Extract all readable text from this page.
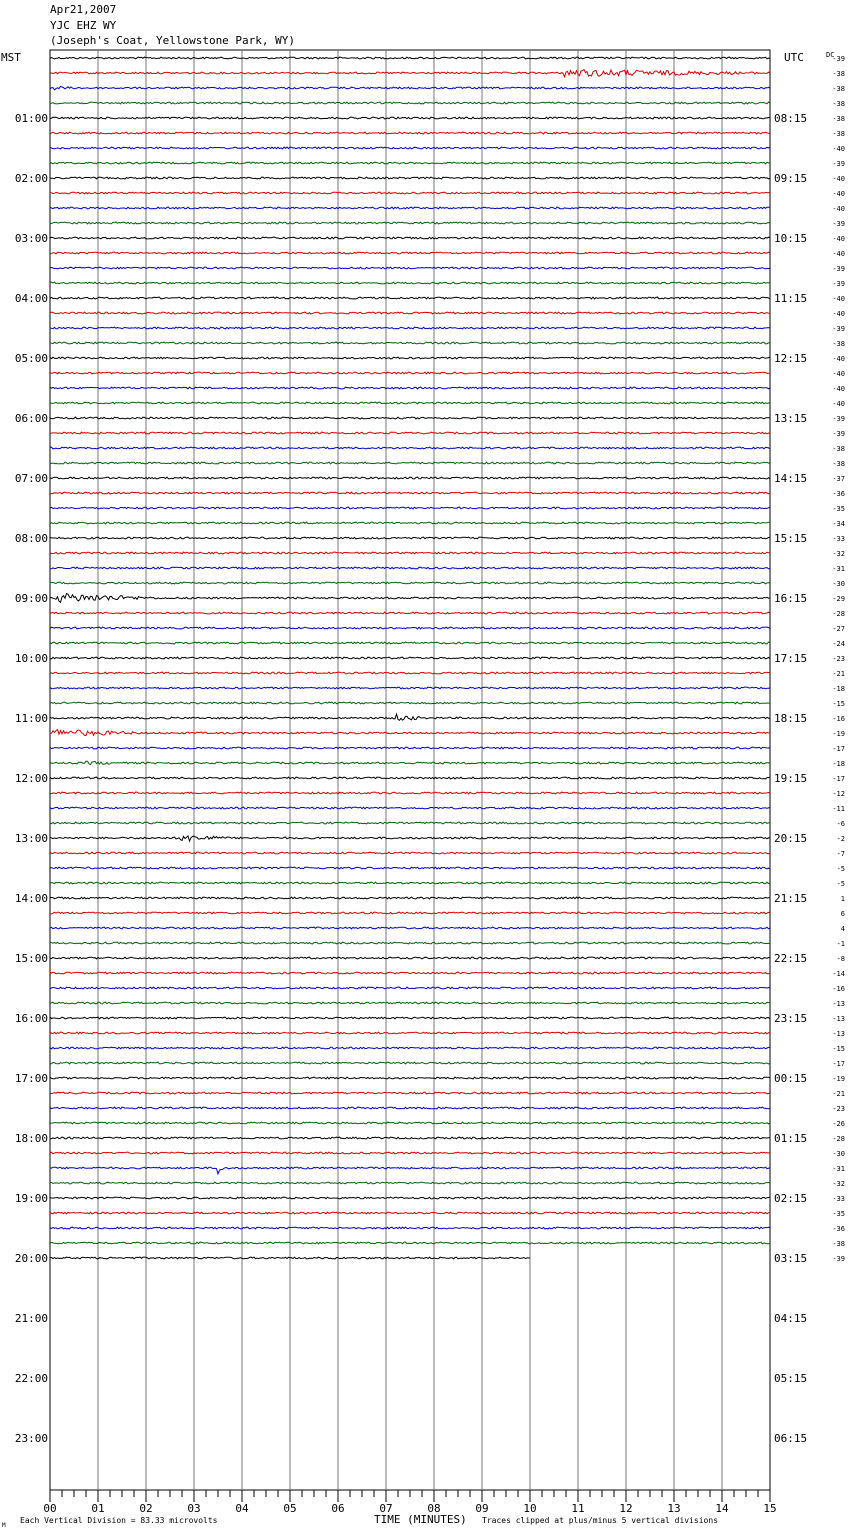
Apr21,2007
YJC EHZ WY
(Joseph's Coat, Yellowstone Park, WY)
-39
-38
-38
-38
-38
-38
-40
-39
-40
-40
-40
-39
-40
-40
-39
-39
-40
-40
-39
-38
-40
-40
-40
-40
-39
-39
-38
-38
-37
-36
-35
-34
-33
-32
-31
-30
-29
-28
-27
-24
-23
-21
-18
-15
-16
-19
-17
-18
-17
-12
-11
-6
-2
-7
-5
-5
1
6
4
-1
-8
-14
-16
-13
-13
-13
-15
-17
-19
-21
-23
-26
-28
-30
-31
-32
-33
-35
-36
-38
-39
MST	UTC	DC
01:00
02:00
03:00
04:00
05:00
06:00
07:00
08:00
09:00
10:00
11:00
12:00
13:00
14:00
15:00
16:00
17:00
18:00
19:00
20:00
21:00
22:00
23:00
08:15
09:15
10:15
11:15
12:15
13:15
14:15
15:15
16:15
17:15
18:15
19:15
20:15
21:15
22:15
23:15
00:15
01:15
02:15
03:15
04:15
05:15
06:15
00	01	02	03	04	05	06	07	08	09	10	11	12	13	14	15
M
Each Vertical Division = 83.33 microvolts	TIME (MINUTES) Traces clipped at plus/minus 5 vertical divisions
